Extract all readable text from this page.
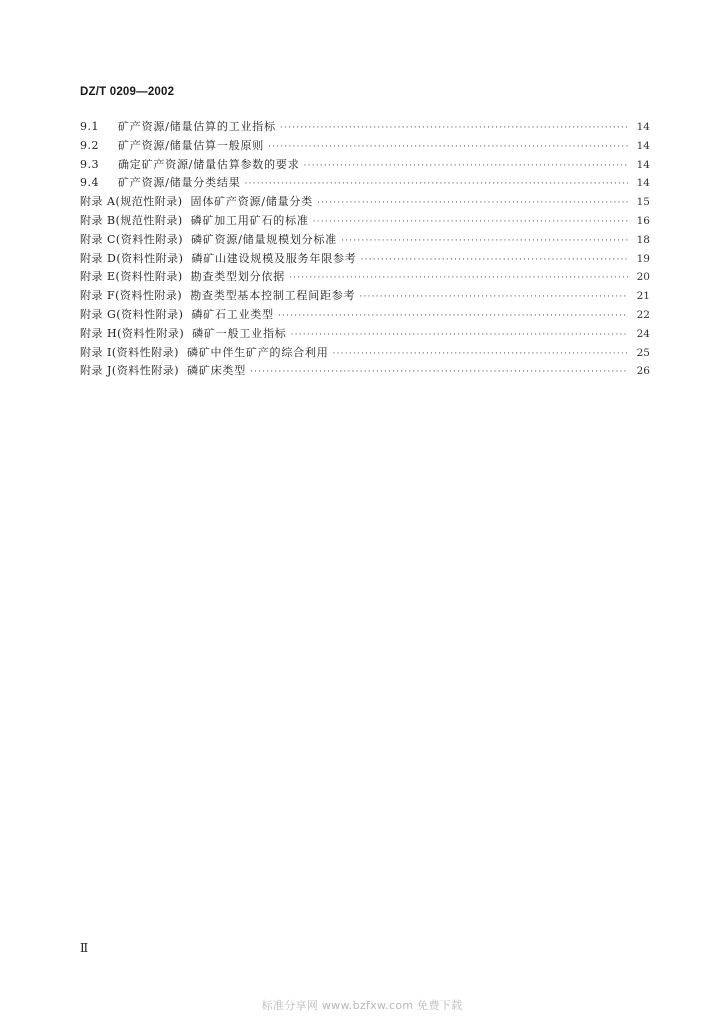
DZ/T 0209—2002
9.1	矿产资源/储量估算的工业指标 ·····	14
9.2	矿产资源/储量估算一般原则 ·····	14
9.3	确定矿产资源/储量估算参数的要求 ·····	14
9.4	矿产资源/储量分类结果 ·····	14
附录 A(规范性附录) 固体矿产资源/储量分类 ·····	15
附录 B(规范性附录) 磷矿加工用矿石的标准 ·····	16
附录 C(资料性附录) 磷矿资源/储量规模划分标准 ·····	18
附录 D(资料性附录) 磷矿山建设规模及服务年限参考 ·····	19
附录 E(资料性附录) 勘查类型划分依据 ·····	20
附录 F(资料性附录) 勘查类型基本控制工程间距参考 ·····	21
附录 G(资料性附录) 磷矿石工业类型 ·····	22
附录 H(资料性附录) 磷矿一般工业指标 ·····	24
附录 I(资料性附录) 磷矿中伴生矿产的综合利用 ·····	25
附录 J(资料性附录) 磷矿床类型 ·····	26
Ⅱ
标准分享网 www.bzfxw.com 免费下载
